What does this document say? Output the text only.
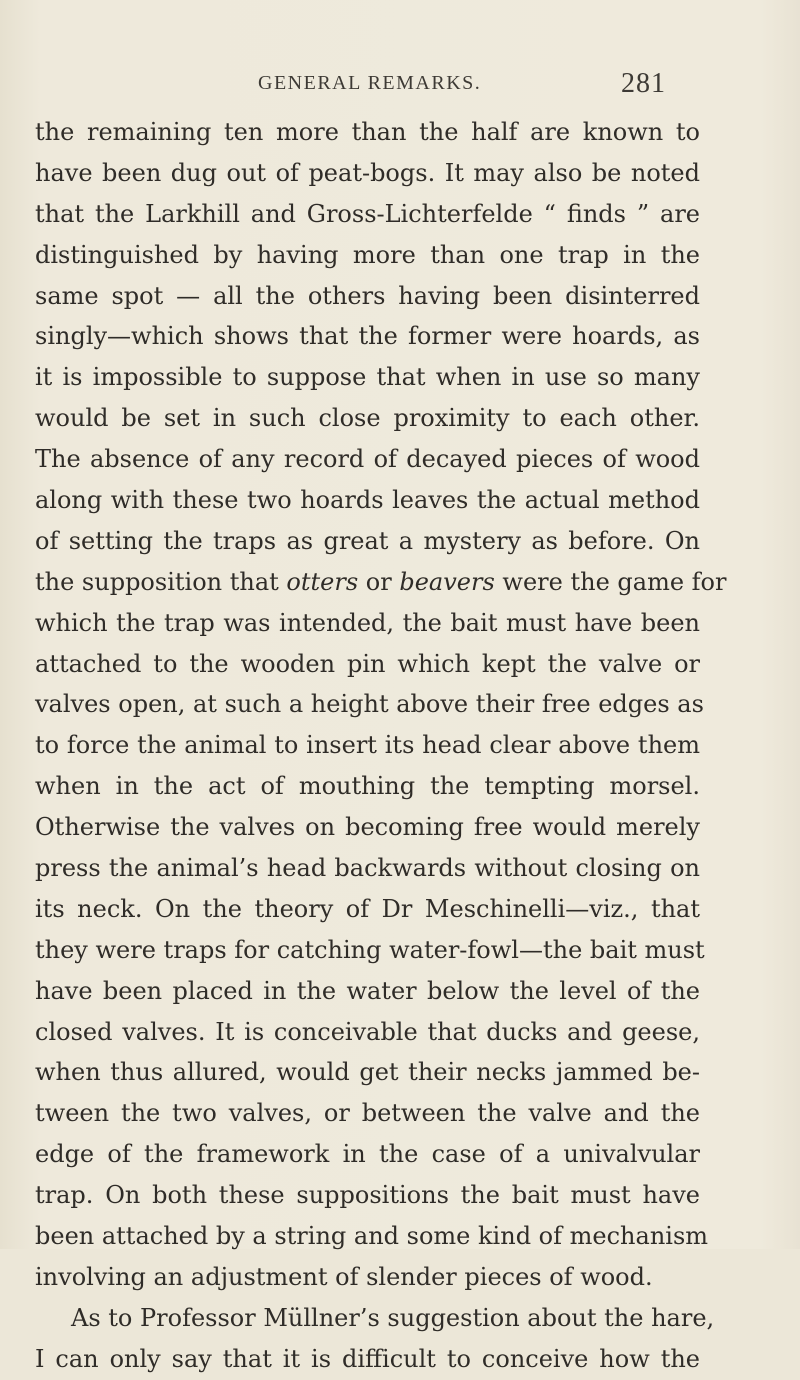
GENERAL REMARKS.	281
the remaining ten more than the half are known to
have been dug out of peat-bogs. It may also be noted
that the Larkhill and Gross-Lichterfelde “ finds ” are
distinguished by having more than one trap in the
same spot — all the others having been disinterred
singly—which shows that the former were hoards, as
it is impossible to suppose that when in use so many
would be set in such close proximity to each other.
The absence of any record of decayed pieces of wood
along with these two hoards leaves the actual method
of setting the traps as great a mystery as before. On
the supposition that otters or beavers were the game for
which the trap was intended, the bait must have been
attached to the wooden pin which kept the valve or
valves open, at such a height above their free edges as
to force the animal to insert its head clear above them
when in the act of mouthing the tempting morsel.
Otherwise the valves on becoming free would merely
press the animal’s head backwards without closing on
its neck. On the theory of Dr Meschinelli—viz., that
they were traps for catching water-fowl—the bait must
have been placed in the water below the level of the
closed valves. It is conceivable that ducks and geese,
when thus allured, would get their necks jammed be-
tween the two valves, or between the valve and the
edge of the framework in the case of a univalvular
trap. On both these suppositions the bait must have
been attached by a string and some kind of mechanism
involving an adjustment of slender pieces of wood.
As to Professor Müllner’s suggestion about the hare,
I can only say that it is difficult to conceive how the
